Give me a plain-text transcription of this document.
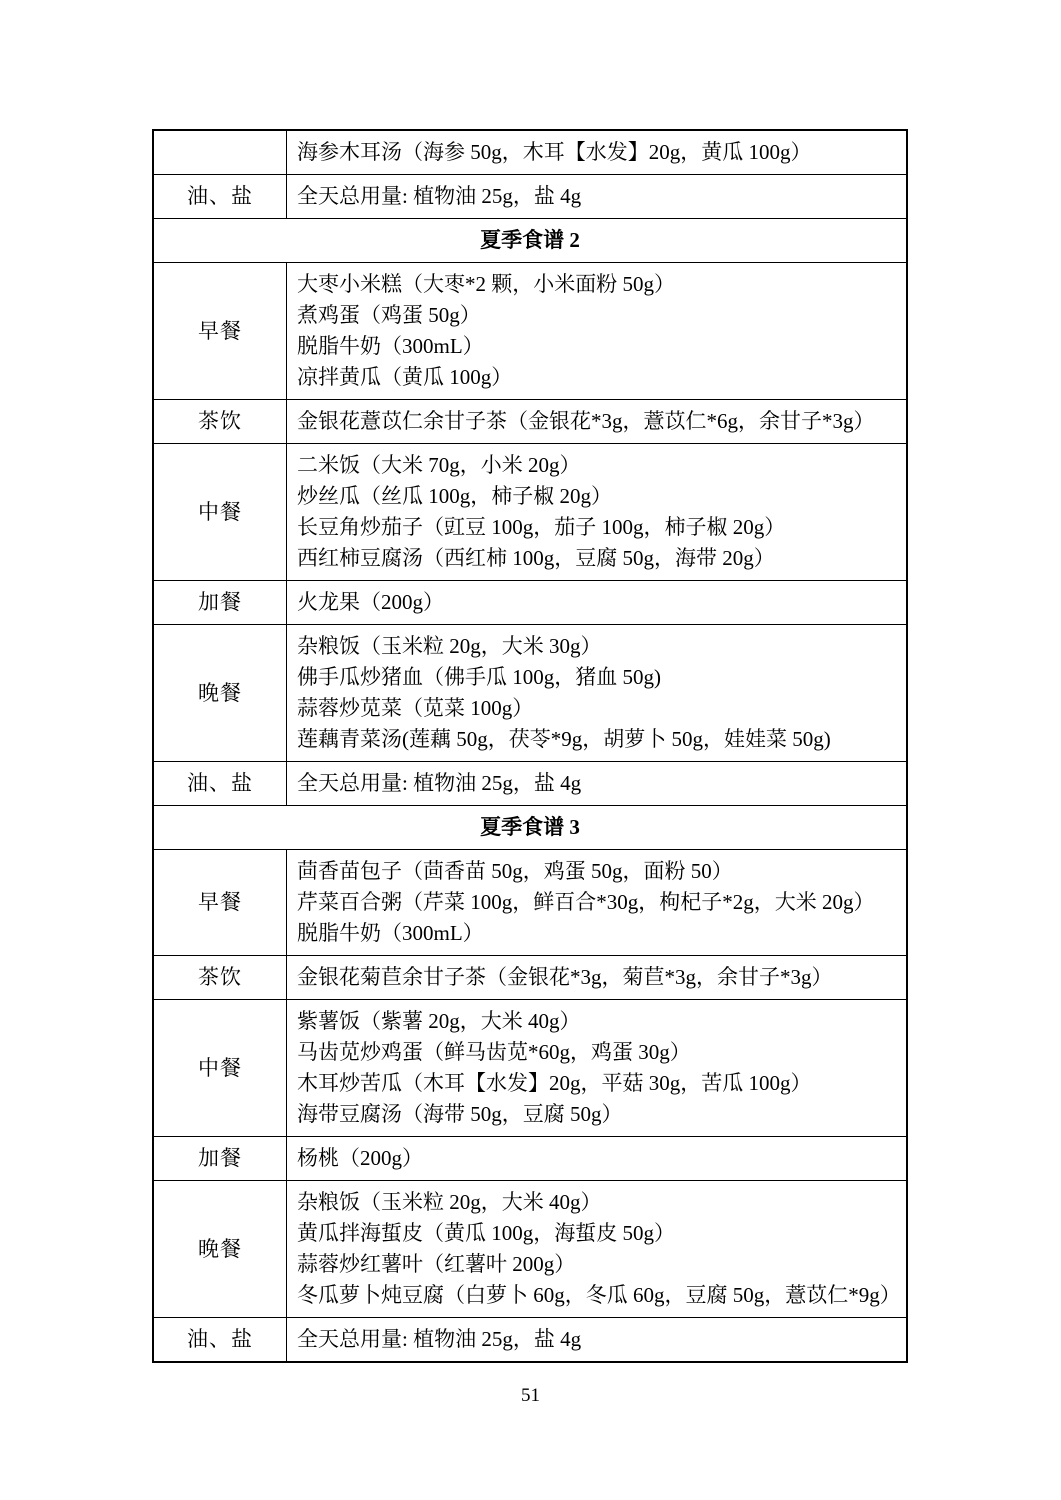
	海参木耳汤（海参 50g，木耳【水发】20g，黄瓜 100g）

油、盐	全天总用量: 植物油 25g，盐 4g

夏季食谱 2	
早餐	大枣小米糕（大枣*2 颗，小米面粉 50g）
煮鸡蛋（鸡蛋 50g）
脱脂牛奶（300mL）
凉拌黄瓜（黄瓜 100g）

茶饮	金银花薏苡仁余甘子茶（金银花*3g，薏苡仁*6g，余甘子*3g）

中餐	二米饭（大米 70g，小米 20g）
炒丝瓜（丝瓜 100g，柿子椒 20g）
长豆角炒茄子（豇豆 100g，茄子 100g，柿子椒 20g）
西红柿豆腐汤（西红柿 100g，豆腐 50g，海带 20g）

加餐	火龙果（200g）

晚餐	杂粮饭（玉米粒 20g，大米 30g）
佛手瓜炒猪血（佛手瓜 100g，猪血 50g)
蒜蓉炒苋菜（苋菜 100g）
莲藕青菜汤(莲藕 50g，茯苓*9g，胡萝卜 50g，娃娃菜 50g)

油、盐	全天总用量: 植物油 25g，盐 4g

夏季食谱 3	
早餐	茴香苗包子（茴香苗 50g，鸡蛋 50g，面粉 50）
芹菜百合粥（芹菜 100g，鲜百合*30g，枸杞子*2g，大米 20g）
脱脂牛奶（300mL）

茶饮	金银花菊苣余甘子茶（金银花*3g，菊苣*3g，余甘子*3g）

中餐	紫薯饭（紫薯 20g，大米 40g）
马齿苋炒鸡蛋（鲜马齿苋*60g，鸡蛋 30g）
木耳炒苦瓜（木耳【水发】20g，平菇 30g，苦瓜 100g）
海带豆腐汤（海带 50g，豆腐 50g）

加餐	杨桃（200g）

晚餐	杂粮饭（玉米粒 20g，大米 40g）
黄瓜拌海蜇皮（黄瓜 100g，海蜇皮 50g）
蒜蓉炒红薯叶（红薯叶 200g）
冬瓜萝卜炖豆腐（白萝卜 60g，冬瓜 60g，豆腐 50g，薏苡仁*9g）

油、盐	全天总用量: 植物油 25g，盐 4g
51
